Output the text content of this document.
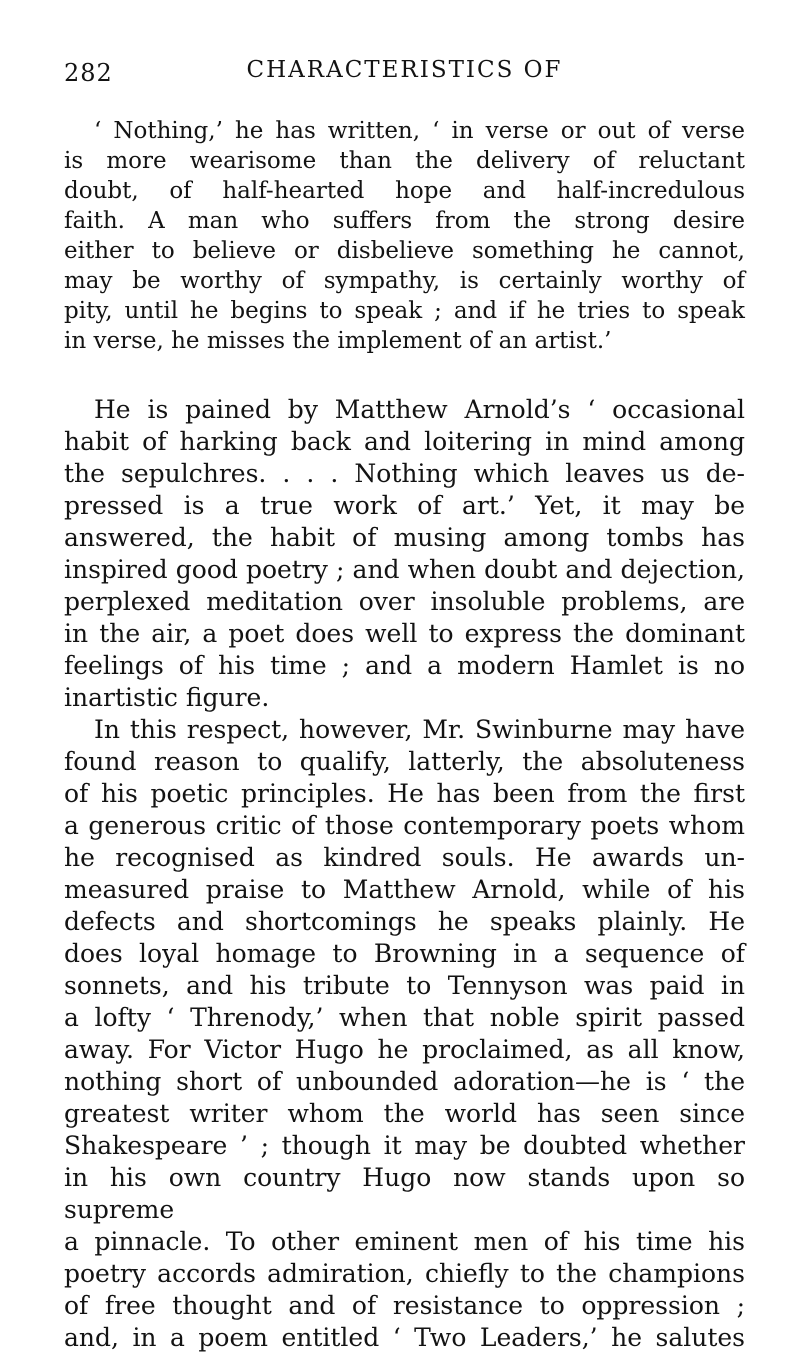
282	CHARACTERISTICS OF
‘ Nothing,’ he has written, ‘ in verse or out of verse
is more wearisome than the delivery of reluctant
doubt, of half-hearted hope and half-incredulous
faith. A man who suffers from the strong desire
either to believe or disbelieve something he cannot,
may be worthy of sympathy, is certainly worthy of
pity, until he begins to speak ; and if he tries to speak
in verse, he misses the implement of an artist.’
He is pained by Matthew Arnold’s ‘ occasional
habit of harking back and loitering in mind among
the sepulchres. . . . Nothing which leaves us de-
pressed is a true work of art.’ Yet, it may be
answered, the habit of musing among tombs has
inspired good poetry ; and when doubt and dejection,
perplexed meditation over insoluble problems, are
in the air, a poet does well to express the dominant
feelings of his time ; and a modern Hamlet is no
inartistic figure.
In this respect, however, Mr. Swinburne may have
found reason to qualify, latterly, the absoluteness
of his poetic principles. He has been from the first
a generous critic of those contemporary poets whom
he recognised as kindred souls. He awards un-
measured praise to Matthew Arnold, while of his
defects and shortcomings he speaks plainly. He
does loyal homage to Browning in a sequence of
sonnets, and his tribute to Tennyson was paid in
a lofty ‘ Threnody,’ when that noble spirit passed
away. For Victor Hugo he proclaimed, as all know,
nothing short of unbounded adoration—he is ‘ the
greatest writer whom the world has seen since
Shakespeare ’ ; though it may be doubted whether
in his own country Hugo now stands upon so supreme
a pinnacle. To other eminent men of his time his
poetry accords admiration, chiefly to the champions
of free thought and of resistance to oppression ;
and, in a poem entitled ‘ Two Leaders,’ he salutes
